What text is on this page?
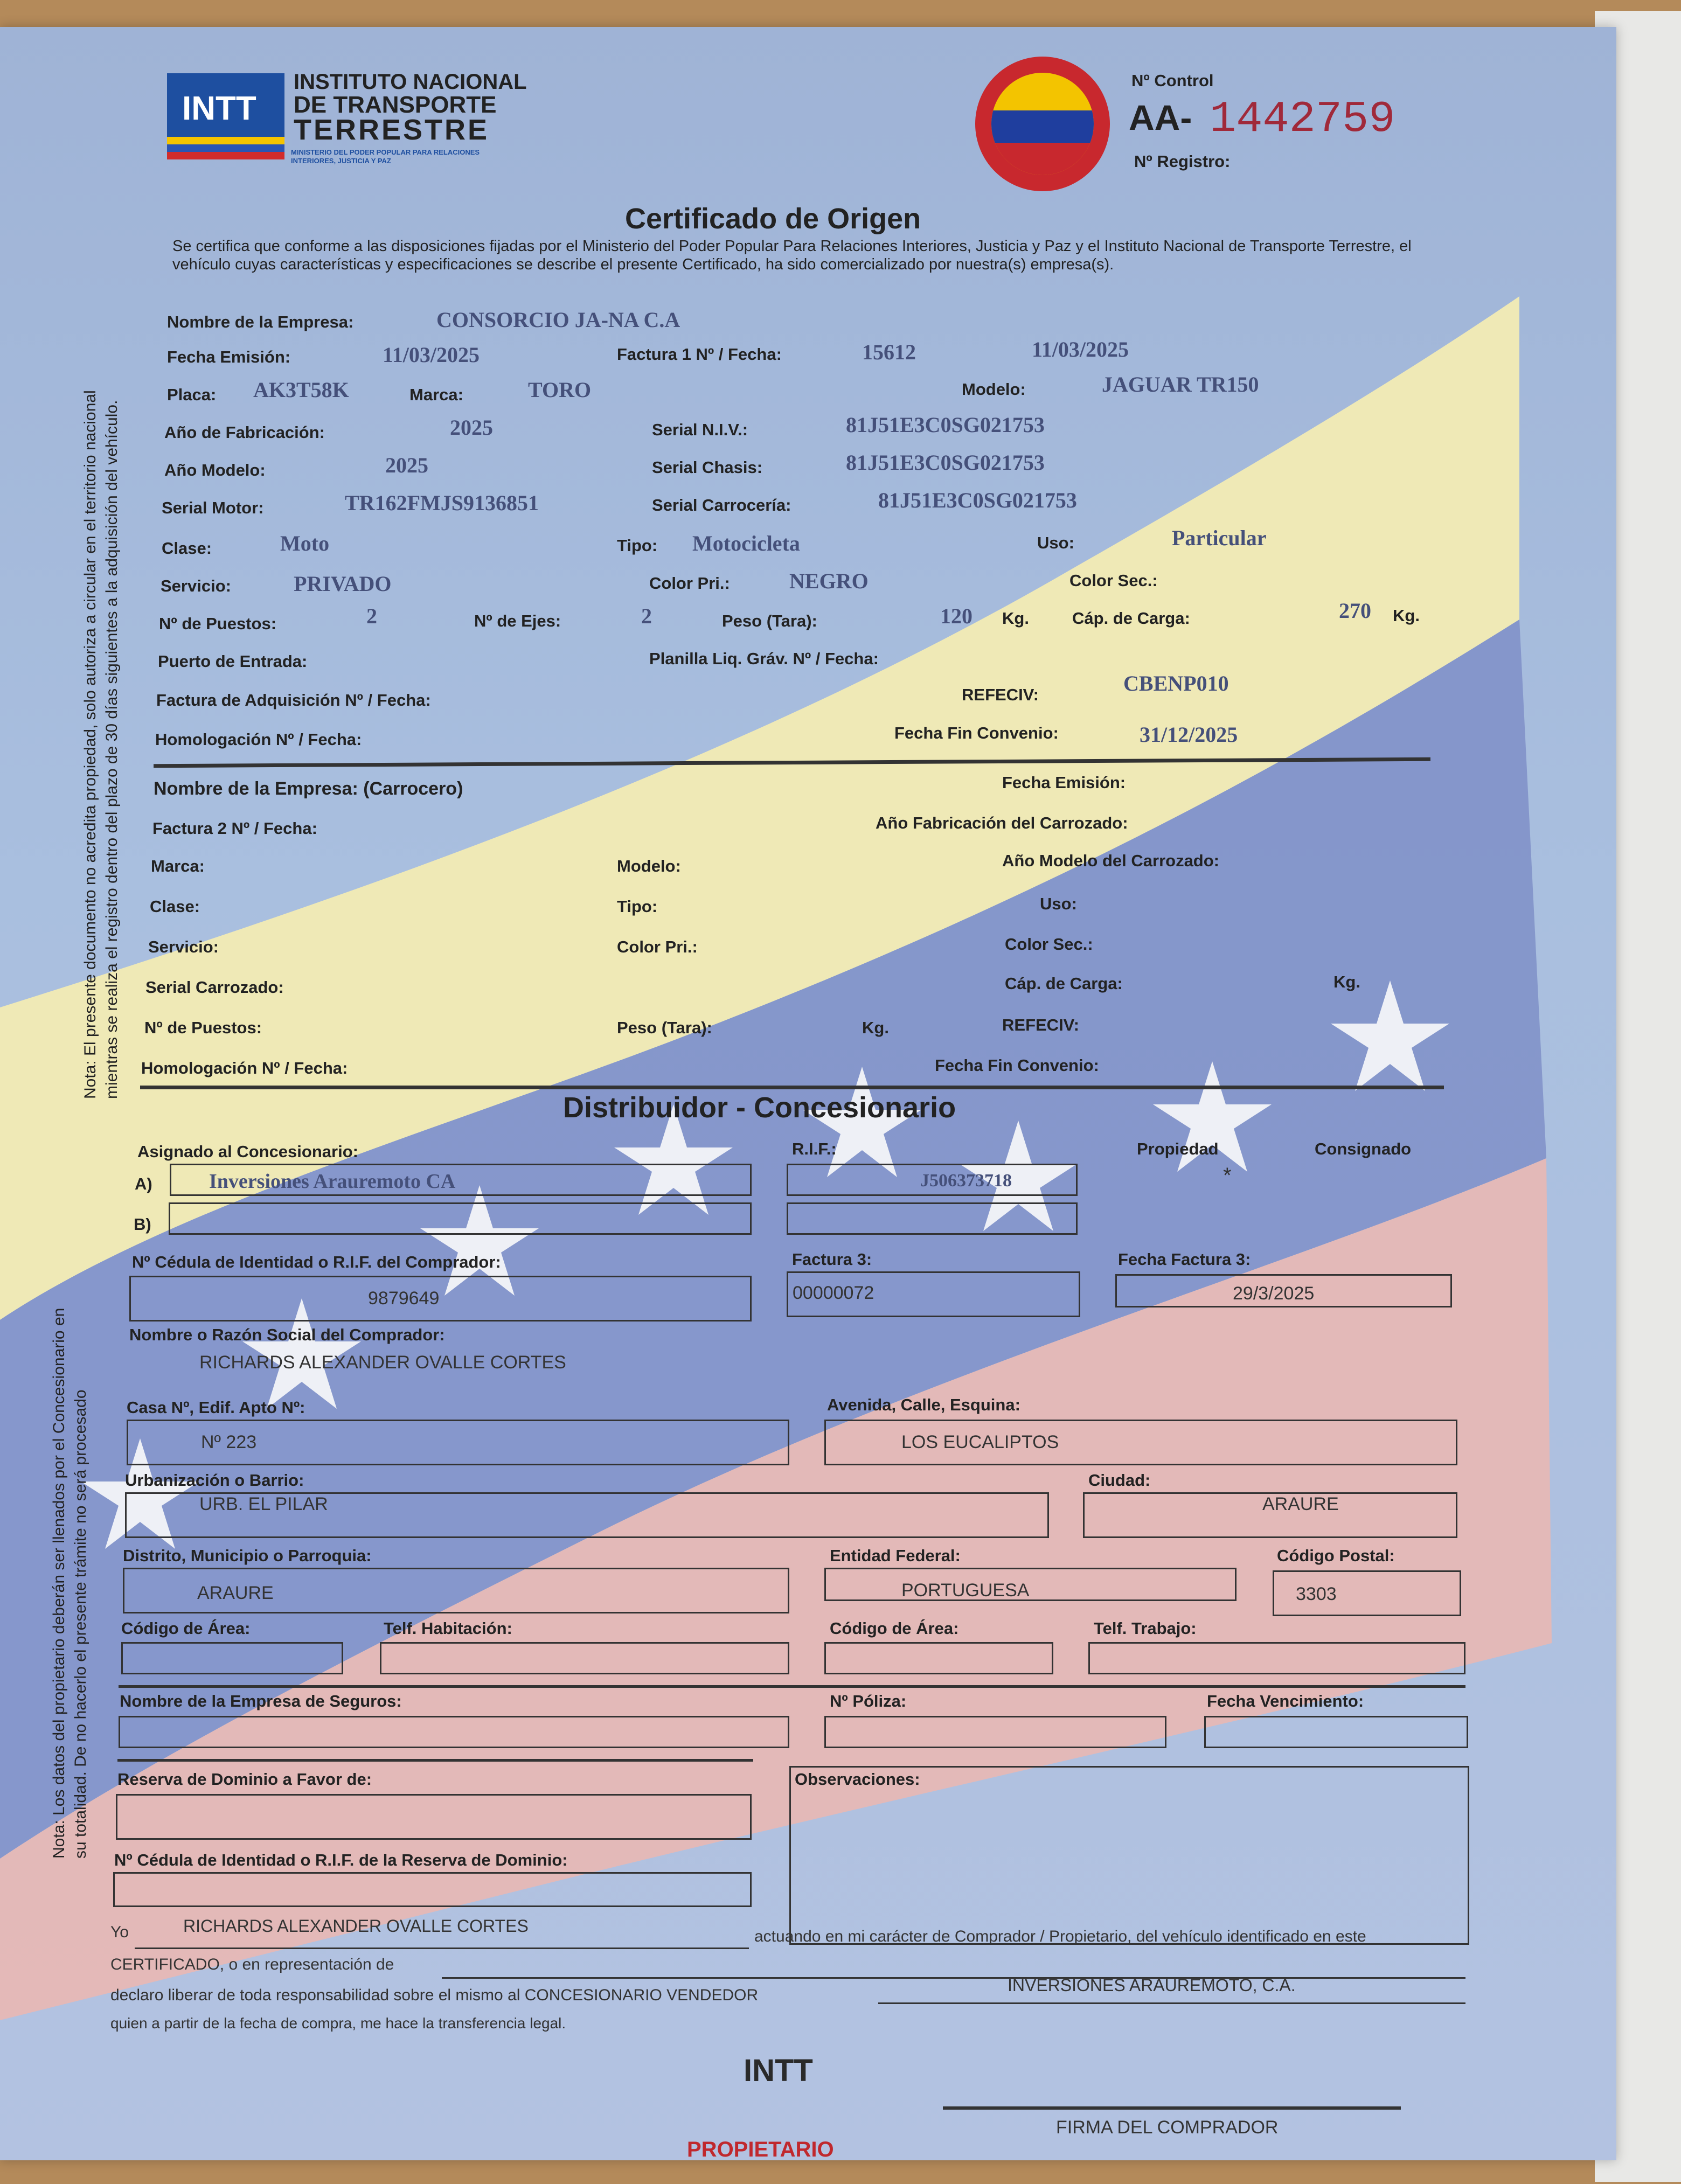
INTT
INSTITUTO NACIONAL
DE TRANSPORTE
TERRESTRE
MINISTERIO DEL PODER POPULAR PARA RELACIONES INTERIORES, JUSTICIA Y PAZ
Nº Control
AA- 1442759
Nº Registro:
Certificado de Origen
Se certifica que conforme a las disposiciones fijadas por el Ministerio del Poder Popular Para Relaciones Interiores, Justicia y Paz y el Instituto Nacional de Transporte Terrestre, el vehículo cuyas características y especificaciones se describe el presente Certificado, ha sido comercializado por nuestra(s) empresa(s).
Nombre de la Empresa:	CONSORCIO JA-NA C.A
Fecha Emisión:	11/03/2025	Factura 1 Nº / Fecha:	15612	11/03/2025
Placa: AK3T58K	Marca:	TORO	Modelo:	JAGUAR TR150
Año de Fabricación:	2025	Serial N.I.V.:	81J51E3C0SG021753
Año Modelo:	2025	Serial Chasis:	81J51E3C0SG021753
Serial Motor:	TR162FMJS9136851	Serial Carrocería:	81J51E3C0SG021753
Clase:	Moto	Tipo: Motocicleta	Uso:	Particular
Servicio:	PRIVADO	Color Pri.:	NEGRO	Color Sec.:
Nº de Puestos:	2	Nº de Ejes:	2	Peso (Tara):	120 Kg.	Cáp. de Carga:	270 Kg.
Puerto de Entrada:	Planilla Liq. Gráv. Nº / Fecha:
Factura de Adquisición Nº / Fecha:	REFECIV:	CBENP010
Homologación Nº / Fecha:	Fecha Fin Convenio:	31/12/2025
Nombre de la Empresa: (Carrocero)	Fecha Emisión:
Factura 2 Nº / Fecha:	Año Fabricación del Carrozado:
Marca:	Modelo:	Año Modelo del Carrozado:
Clase:	Tipo:	Uso:
Servicio:	Color Pri.:	Color Sec.:
Serial Carrozado:	Cáp. de Carga:	Kg.
Nº de Puestos:	Peso (Tara):	Kg.	REFECIV:
Homologación Nº / Fecha:	Fecha Fin Convenio:
Distribuidor - Concesionario
Asignado al Concesionario:	R.I.F.:	Propiedad	Consignado
A)	Inversiones Arauremoto CA	J506373718	*
B)
Nº Cédula de Identidad o R.I.F. del Comprador:
9879649
Factura 3:
00000072
Fecha Factura 3:
29/3/2025
Nombre o Razón Social del Comprador:
RICHARDS ALEXANDER OVALLE CORTES
Casa Nº, Edif. Apto Nº:
Nº 223
Avenida, Calle, Esquina:
LOS EUCALIPTOS
Urbanización o Barrio:
URB. EL PILAR
Ciudad:
ARAURE
Distrito, Municipio o Parroquia:
ARAURE
Entidad Federal:
PORTUGUESA
Código Postal:
3303
Código de Área:	Telf. Habitación:	Código de Área:	Telf. Trabajo:
Nombre de la Empresa de Seguros:	Nº Póliza:	Fecha Vencimiento:
Reserva de Dominio a Favor de:	Observaciones:
Nº Cédula de Identidad o R.I.F. de la Reserva de Dominio:
Yo	RICHARDS ALEXANDER OVALLE CORTES
actuando en mi carácter de Comprador / Propietario, del vehículo identificado en este
CERTIFICADO, o en representación de
declaro liberar de toda responsabilidad sobre el mismo al CONCESIONARIO VENDEDOR
INVERSIONES ARAUREMOTO, C.A.
quien a partir de la fecha de compra, me hace la transferencia legal.
INTT
FIRMA DEL COMPRADOR
Nota: El presente documento no acredita propiedad, solo autoriza a circular en el territorio nacional mientras se realiza el registro dentro del plazo de 30 días siguientes a la adquisición del vehículo.
Nota: Los datos del propietario deberán ser llenados por el Concesionario en su totalidad. De no hacerlo el presente trámite no será procesado
PROPIETARIO
